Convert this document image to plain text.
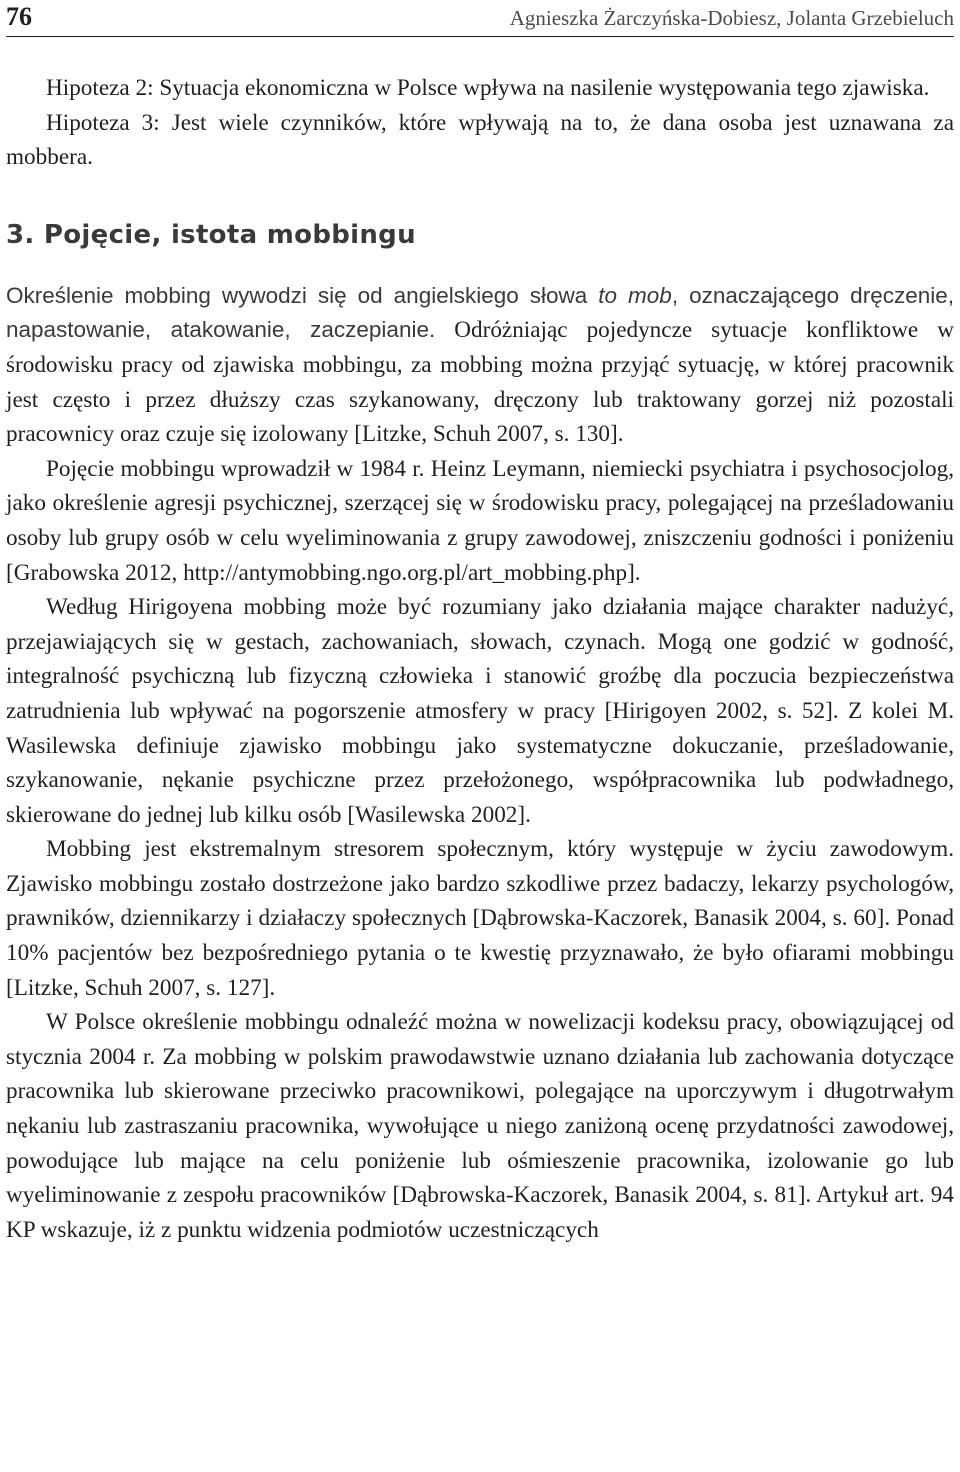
76	Agnieszka Żarczyńska-Dobiesz, Jolanta Grzebieluch

Hipoteza 2: Sytuacja ekonomiczna w Polsce wpływa na nasilenie występowania tego zjawiska.

Hipoteza 3: Jest wiele czynników, które wpływają na to, że dana osoba jest uznawana za mobbera.

3. Pojęcie, istota mobbingu

Określenie mobbing wywodzi się od angielskiego słowa to mob, oznaczającego dręczenie, napastowanie, atakowanie, zaczepianie. Odróżniając pojedyncze sytuacje konfliktowe w środowisku pracy od zjawiska mobbingu, za mobbing można przyjąć sytuację, w której pracownik jest często i przez dłuższy czas szykanowany, dręczony lub traktowany gorzej niż pozostali pracownicy oraz czuje się izolowany [Litzke, Schuh 2007, s. 130].

Pojęcie mobbingu wprowadził w 1984 r. Heinz Leymann, niemiecki psychiatra i psychosocjolog, jako określenie agresji psychicznej, szerzącej się w środowisku pracy, polegającej na prześladowaniu osoby lub grupy osób w celu wyeliminowania z grupy zawodowej, zniszczeniu godności i poniżeniu [Grabowska 2012, http://antymobbing.ngo.org.pl/art_mobbing.php].

Według Hirigoyena mobbing może być rozumiany jako działania mające charakter nadużyć, przejawiających się w gestach, zachowaniach, słowach, czynach. Mogą one godzić w godność, integralność psychiczną lub fizyczną człowieka i stanowić groźbę dla poczucia bezpieczeństwa zatrudnienia lub wpływać na pogorszenie atmosfery w pracy [Hirigoyen 2002, s. 52]. Z kolei M. Wasilewska definiuje zjawisko mobbingu jako systematyczne dokuczanie, prześladowanie, szykanowanie, nękanie psychiczne przez przełożonego, współpracownika lub podwładnego, skierowane do jednej lub kilku osób [Wasilewska 2002].

Mobbing jest ekstremalnym stresorem społecznym, który występuje w życiu zawodowym. Zjawisko mobbingu zostało dostrzeżone jako bardzo szkodliwe przez badaczy, lekarzy psychologów, prawników, dziennikarzy i działaczy społecznych [Dąbrowska-Kaczorek, Banasik 2004, s. 60]. Ponad 10% pacjentów bez bezpośredniego pytania o te kwestię przyznawało, że było ofiarami mobbingu [Litzke, Schuh 2007, s. 127].

W Polsce określenie mobbingu odnaleźć można w nowelizacji kodeksu pracy, obowiązującej od stycznia 2004 r. Za mobbing w polskim prawodawstwie uznano działania lub zachowania dotyczące pracownika lub skierowane przeciwko pracownikowi, polegające na uporczywym i długotrwałym nękaniu lub zastraszaniu pracownika, wywołujące u niego zaniżoną ocenę przydatności zawodowej, powodujące lub mające na celu poniżenie lub ośmieszenie pracownika, izolowanie go lub wyeliminowanie z zespołu pracowników [Dąbrowska-Kaczorek, Banasik 2004, s. 81]. Artykuł art. 94 KP wskazuje, iż z punktu widzenia podmiotów uczestniczących
